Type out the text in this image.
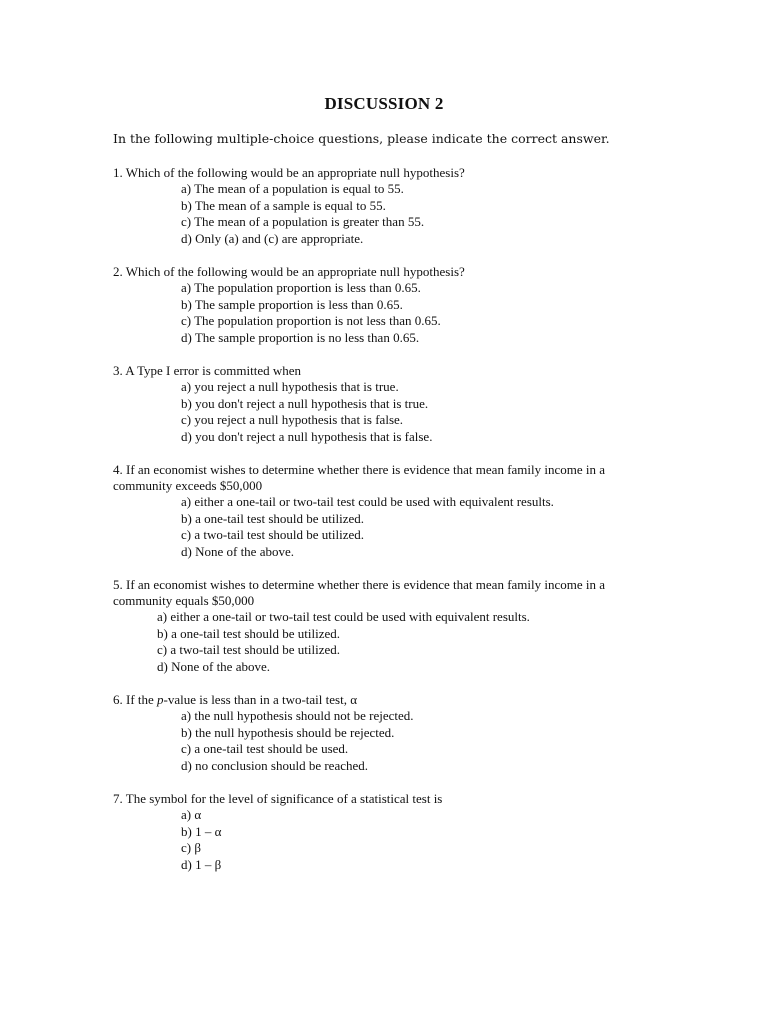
DISCUSSION 2
In the following multiple-choice questions, please indicate the correct answer.
1. Which of the following would be an appropriate null hypothesis?
a) The mean of a population is equal to 55.
b) The mean of a sample is equal to 55.
c) The mean of a population is greater than 55.
d) Only (a) and (c) are appropriate.
2. Which of the following would be an appropriate null hypothesis?
a) The population proportion is less than 0.65.
b) The sample proportion is less than 0.65.
c) The population proportion is not less than 0.65.
d) The sample proportion is no less than 0.65.
3. A Type I error is committed when
a) you reject a null hypothesis that is true.
b) you don't reject a null hypothesis that is true.
c) you reject a null hypothesis that is false.
d) you don't reject a null hypothesis that is false.
4. If an economist wishes to determine whether there is evidence that mean family income in a
community exceeds $50,000
a) either a one-tail or two-tail test could be used with equivalent results.
b) a one-tail test should be utilized.
c) a two-tail test should be utilized.
d) None of the above.
5. If an economist wishes to determine whether there is evidence that mean family income in a
community equals $50,000
a) either a one-tail or two-tail test could be used with equivalent results.
b) a one-tail test should be utilized.
c) a two-tail test should be utilized.
d) None of the above.
6. If the p-value is less than in a two-tail test, α
a) the null hypothesis should not be rejected.
b) the null hypothesis should be rejected.
c) a one-tail test should be used.
d) no conclusion should be reached.
7. The symbol for the level of significance of a statistical test is
a) α
b) 1 – α
c) β
d) 1 – β
